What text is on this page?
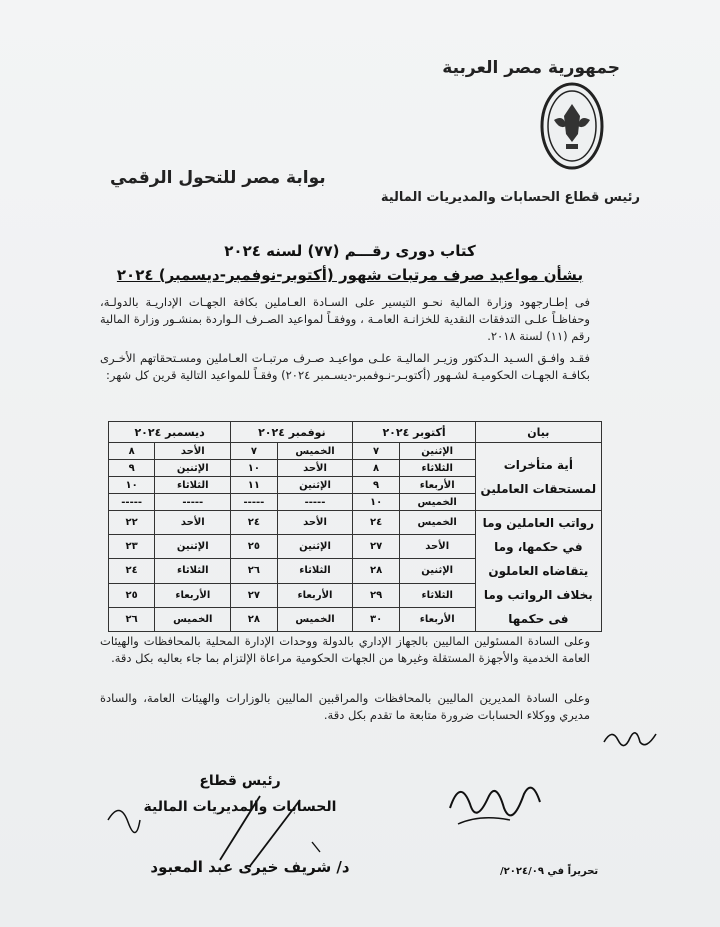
جمهورية مصر العربية
رئيس قطاع الحسابات والمديريات المالية
بوابة مصر للتحول الرقمي
كتاب دورى رقـــم (٧٧) لسنه ٢٠٢٤
بشأن مواعيد صرف مرتبات شهور (أكتوبر-نوفمبر-ديسمبر) ٢٠٢٤
فى إطـارجهود وزارة المالية نحـو التيسير على السـادة العـاملين بكافة الجهـات الإداريـة بالدولـة، وحفاظـاً علـى التدفقات النقدية للخزانـة العامـة ، ووفقـاً لمواعيد الصـرف الـواردة بمنشـور وزارة المالية رقم (١١) لسنة ٢٠١٨.
فقـد وافـق السـيد الـدكتور وزيـر الماليـة علـى مواعيـد صـرف مرتبـات العـاملين ومسـتحقاتهم الأخـرى بكافـة الجهـات الحكوميـة لشـهور (أكتوبـر-نـوفمبر-ديسـمبر ٢٠٢٤) وفقـاً للمواعيد التالية قرين كل شهر:
بيان	أكتوبر ٢٠٢٤		نوفمبر ٢٠٢٤		ديسمبر ٢٠٢٤	
أية متأخرات لمستحقات العاملين	الإثنين	٧	الخميس	٧	الأحد	٨
	الثلاثاء	٨	الأحد	١٠	الإثنين	٩
	الأربعاء	٩	الإثنين	١١	الثلاثاء	١٠
	الخميس	١٠	-----	-----	-----	-----
رواتب العاملين وما في حكمها، وما يتقاضاه العاملون بخلاف الرواتب وما فى حكمها	الخميس	٢٤	الأحد	٢٤	الأحد	٢٢
	الأحد	٢٧	الإثنين	٢٥	الإثنين	٢٣
	الإثنين	٢٨	الثلاثاء	٢٦	الثلاثاء	٢٤
	الثلاثاء	٢٩	الأربعاء	٢٧	الأربعاء	٢٥
	الأربعاء	٣٠	الخميس	٢٨	الخميس	٢٦
وعلى السادة المسئولين الماليين بالجهاز الإداري بالدولة ووحدات الإدارة المحلية بالمحافظات والهيئات العامة الخدمية والأجهزة المستقلة وغيرها من الجهات الحكومية مراعاة الإلتزام بما جاء بعاليه بكل دقة.
وعلى السادة المديرين الماليين بالمحافظات والمراقبين الماليين بالوزارات والهيئات العامة، والسادة مديري ووكلاء الحسابات ضرورة متابعة ما تقدم بكل دقة.
رئيس قطاع
الحسابات والمديريات المالية
د/ شريف خيرى عبد المعبود	تحريراً في ٢٠٢٤/٠٩/
